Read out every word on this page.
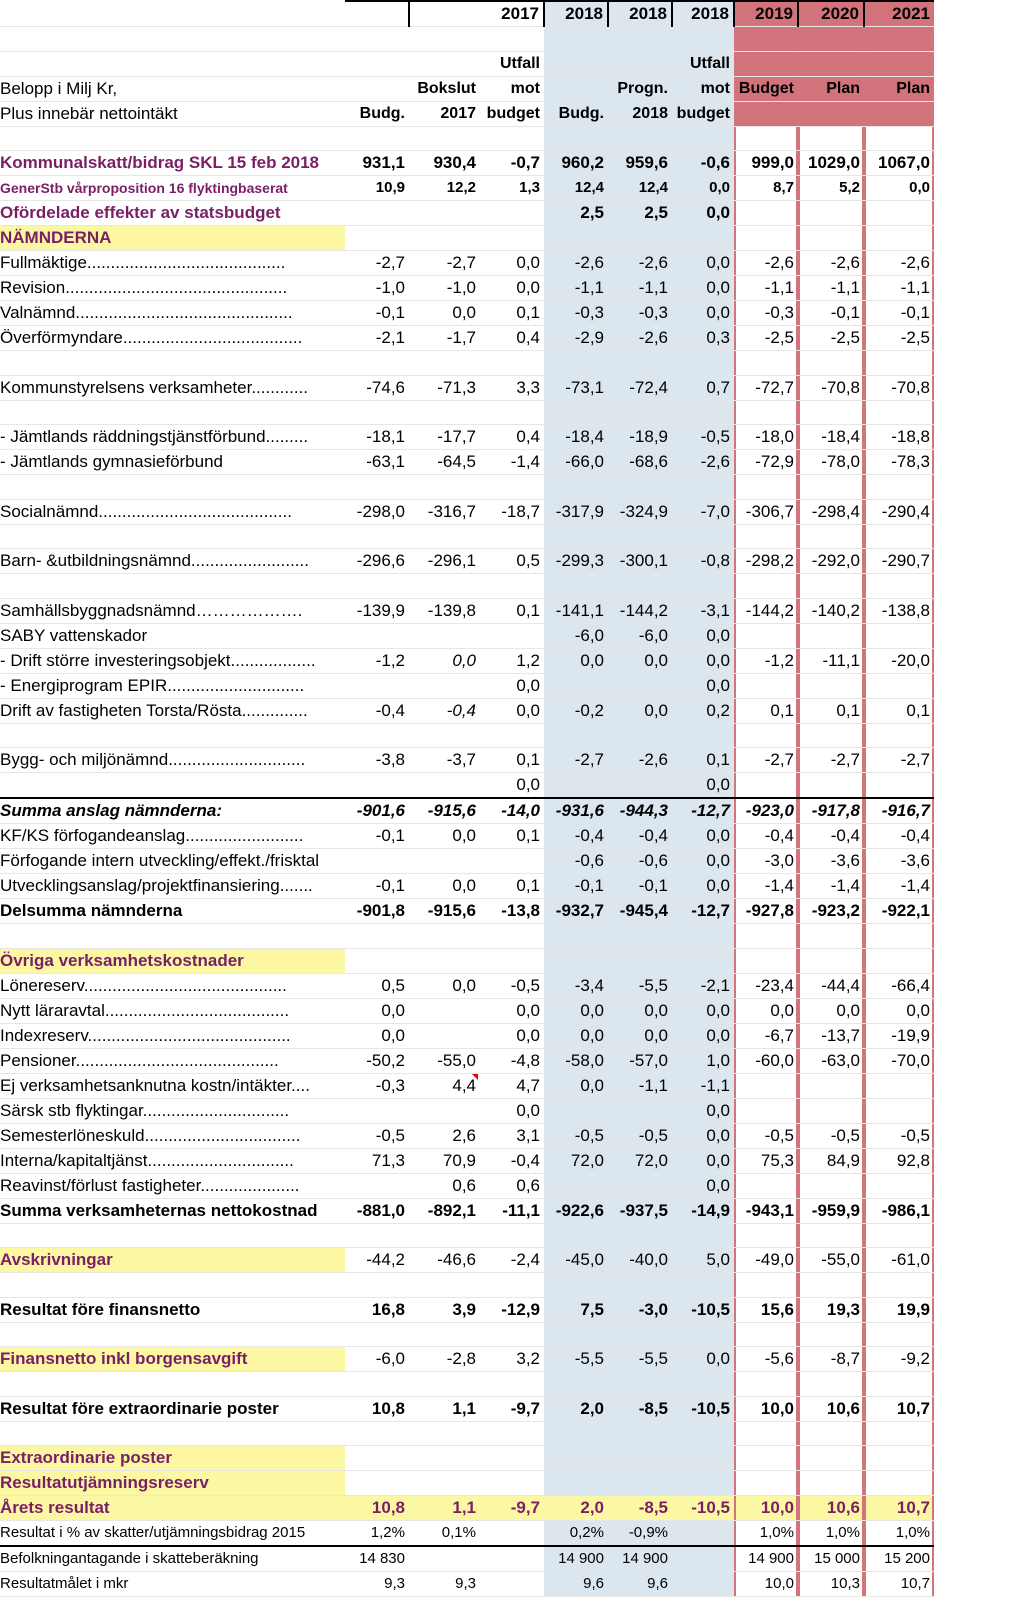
		2017		2018	2018	2018	2019	2020	2021

			Utfall			Utfall			
Belopp i Milj Kr,		Bokslut	mot		Progn.	mot	Budget	Plan	Plan
Plus innebär nettointäkt	Budg.	2017	budget	Budg.	2018	budget			

Kommunalskatt/bidrag SKL 15 feb 2018	931,1	930,4	-0,7	960,2	959,6	-0,6	999,0	1029,0	1067,0
GenerStb vårproposition 16 flyktingbaserat	10,9	12,2	1,3	12,4	12,4	0,0	8,7	5,2	0,0
Ofördelade effekter av statsbudget				2,5	2,5	0,0			
NÄMNDERNA									
Fullmäktige..........................................	-2,7	-2,7	0,0	-2,6	-2,6	0,0	-2,6	-2,6	-2,6
Revision...............................................	-1,0	-1,0	0,0	-1,1	-1,1	0,0	-1,1	-1,1	-1,1
Valnämnd..............................................	-0,1	0,0	0,1	-0,3	-0,3	0,0	-0,3	-0,1	-0,1
Överförmyndare......................................	-2,1	-1,7	0,4	-2,9	-2,6	0,3	-2,5	-2,5	-2,5

Kommunstyrelsens verksamheter............	-74,6	-71,3	3,3	-73,1	-72,4	0,7	-72,7	-70,8	-70,8

- Jämtlands räddningstjänstförbund.........	-18,1	-17,7	0,4	-18,4	-18,9	-0,5	-18,0	-18,4	-18,8
- Jämtlands gymnasieförbund	-63,1	-64,5	-1,4	-66,0	-68,6	-2,6	-72,9	-78,0	-78,3

Socialnämnd.........................................	-298,0	-316,7	-18,7	-317,9	-324,9	-7,0	-306,7	-298,4	-290,4

Barn- &utbildningsnämnd.........................	-296,6	-296,1	0,5	-299,3	-300,1	-0,8	-298,2	-292,0	-290,7

Samhällsbyggnadsnämnd……………….	-139,9	-139,8	0,1	-141,1	-144,2	-3,1	-144,2	-140,2	-138,8
SABY vattenskador				-6,0	-6,0	0,0			
- Drift större investeringsobjekt..................	-1,2	0,0	1,2	0,0	0,0	0,0	-1,2	-11,1	-20,0
- Energiprogram EPIR.............................			0,0			0,0			
Drift av fastigheten Torsta/Rösta..............	-0,4	-0,4	0,0	-0,2	0,0	0,2	0,1	0,1	0,1

Bygg- och miljönämnd.............................	-3,8	-3,7	0,1	-2,7	-2,6	0,1	-2,7	-2,7	-2,7
			0,0			0,0			
Summa anslag nämnderna:	-901,6	-915,6	-14,0	-931,6	-944,3	-12,7	-923,0	-917,8	-916,7
KF/KS förfogandeanslag.........................	-0,1	0,0	0,1	-0,4	-0,4	0,0	-0,4	-0,4	-0,4
Förfogande intern utveckling/effekt./frisktal				-0,6	-0,6	0,0	-3,0	-3,6	-3,6
Utvecklingsanslag/projektfinansiering.......	-0,1	0,0	0,1	-0,1	-0,1	0,0	-1,4	-1,4	-1,4
Delsumma nämnderna	-901,8	-915,6	-13,8	-932,7	-945,4	-12,7	-927,8	-923,2	-922,1

Övriga verksamhetskostnader									
Lönereserv...........................................	0,5	0,0	-0,5	-3,4	-5,5	-2,1	-23,4	-44,4	-66,4
Nytt läraravtal.......................................	0,0		0,0	0,0	0,0	0,0	0,0	0,0	0,0
Indexreserv...........................................	0,0		0,0	0,0	0,0	0,0	-6,7	-13,7	-19,9
Pensioner...........................................	-50,2	-55,0	-4,8	-58,0	-57,0	1,0	-60,0	-63,0	-70,0
Ej verksamhetsanknutna kostn/intäkter....	-0,3	4,4	4,7	0,0	-1,1	-1,1			
Särsk stb flyktingar...............................			0,0			0,0			
Semesterlöneskuld.................................	-0,5	2,6	3,1	-0,5	-0,5	0,0	-0,5	-0,5	-0,5
Interna/kapitaltjänst...............................	71,3	70,9	-0,4	72,0	72,0	0,0	75,3	84,9	92,8
Reavinst/förlust fastigheter.....................		0,6	0,6			0,0			
Summa verksamheternas nettokostnad	-881,0	-892,1	-11,1	-922,6	-937,5	-14,9	-943,1	-959,9	-986,1

Avskrivningar	-44,2	-46,6	-2,4	-45,0	-40,0	5,0	-49,0	-55,0	-61,0

Resultat före finansnetto	16,8	3,9	-12,9	7,5	-3,0	-10,5	15,6	19,3	19,9

Finansnetto inkl borgensavgift	-6,0	-2,8	3,2	-5,5	-5,5	0,0	-5,6	-8,7	-9,2

Resultat före extraordinarie poster	10,8	1,1	-9,7	2,0	-8,5	-10,5	10,0	10,6	10,7

Extraordinarie poster									
Resultatutjämningsreserv									
Årets resultat	10,8	1,1	-9,7	2,0	-8,5	-10,5	10,0	10,6	10,7
Resultat i % av skatter/utjämningsbidrag 2015	1,2%	0,1%		0,2%	-0,9%		1,0%	1,0%	1,0%
Befolkningantagande i skatteberäkning	14 830			14 900	14 900		14 900	15 000	15 200
Resultatmålet i mkr	9,3	9,3		9,6	9,6		10,0	10,3	10,7
